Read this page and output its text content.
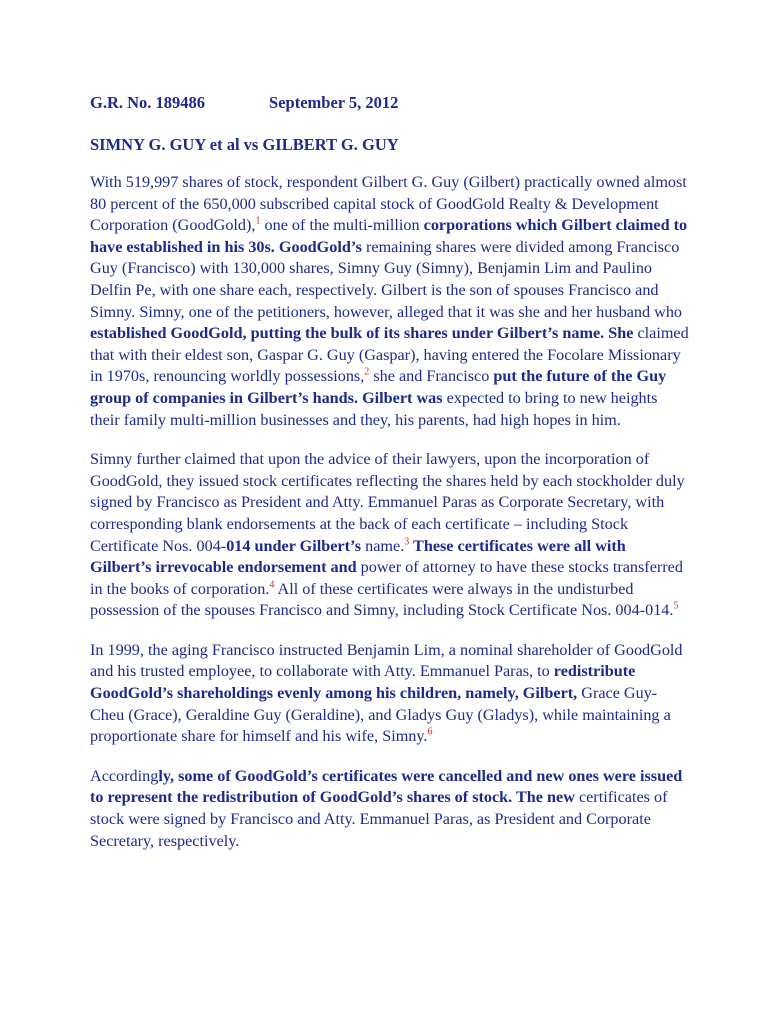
G.R. No. 189486	September 5, 2012
SIMNY G. GUY et al vs GILBERT G. GUY

With 519,997 shares of stock, respondent Gilbert G. Guy (Gilbert) practically owned almost 80 percent of the 650,000 subscribed capital stock of GoodGold Realty & Development Corporation (GoodGold),$^1$ one of the multi-million corporations which Gilbert claimed to have established in his 30s. GoodGold’s remaining shares were divided among Francisco Guy (Francisco) with 130,000 shares, Simny Guy (Simny), Benjamin Lim and Paulino Delfin Pe, with one share each, respectively. Gilbert is the son of spouses Francisco and Simny. Simny, one of the petitioners, however, alleged that it was she and her husband who established GoodGold, putting the bulk of its shares under Gilbert’s name. She claimed that with their eldest son, Gaspar G. Guy (Gaspar), having entered the Focolare Missionary in 1970s, renouncing worldly possessions,$^2$ she and Francisco put the future of the Guy group of companies in Gilbert’s hands. Gilbert was expected to bring to new heights their family multi-million businesses and they, his parents, had high hopes in him.

Simny further claimed that upon the advice of their lawyers, upon the incorporation of GoodGold, they issued stock certificates reflecting the shares held by each stockholder duly signed by Francisco as President and Atty. Emmanuel Paras as Corporate Secretary, with corresponding blank endorsements at the back of each certificate – including Stock Certificate Nos. 004-014 under Gilbert’s name.$^3$ These certificates were all with Gilbert’s irrevocable endorsement and power of attorney to have these stocks transferred in the books of corporation.$^4$ All of these certificates were always in the undisturbed possession of the spouses Francisco and Simny, including Stock Certificate Nos. 004-014.$^5$

In 1999, the aging Francisco instructed Benjamin Lim, a nominal shareholder of GoodGold and his trusted employee, to collaborate with Atty. Emmanuel Paras, to redistribute GoodGold’s shareholdings evenly among his children, namely, Gilbert, Grace Guy-Cheu (Grace), Geraldine Guy (Geraldine), and Gladys Guy (Gladys), while maintaining a proportionate share for himself and his wife, Simny.$^6$

Accordingly, some of GoodGold’s certificates were cancelled and new ones were issued to represent the redistribution of GoodGold’s shares of stock. The new certificates of stock were signed by Francisco and Atty. Emmanuel Paras, as President and Corporate Secretary, respectively.
